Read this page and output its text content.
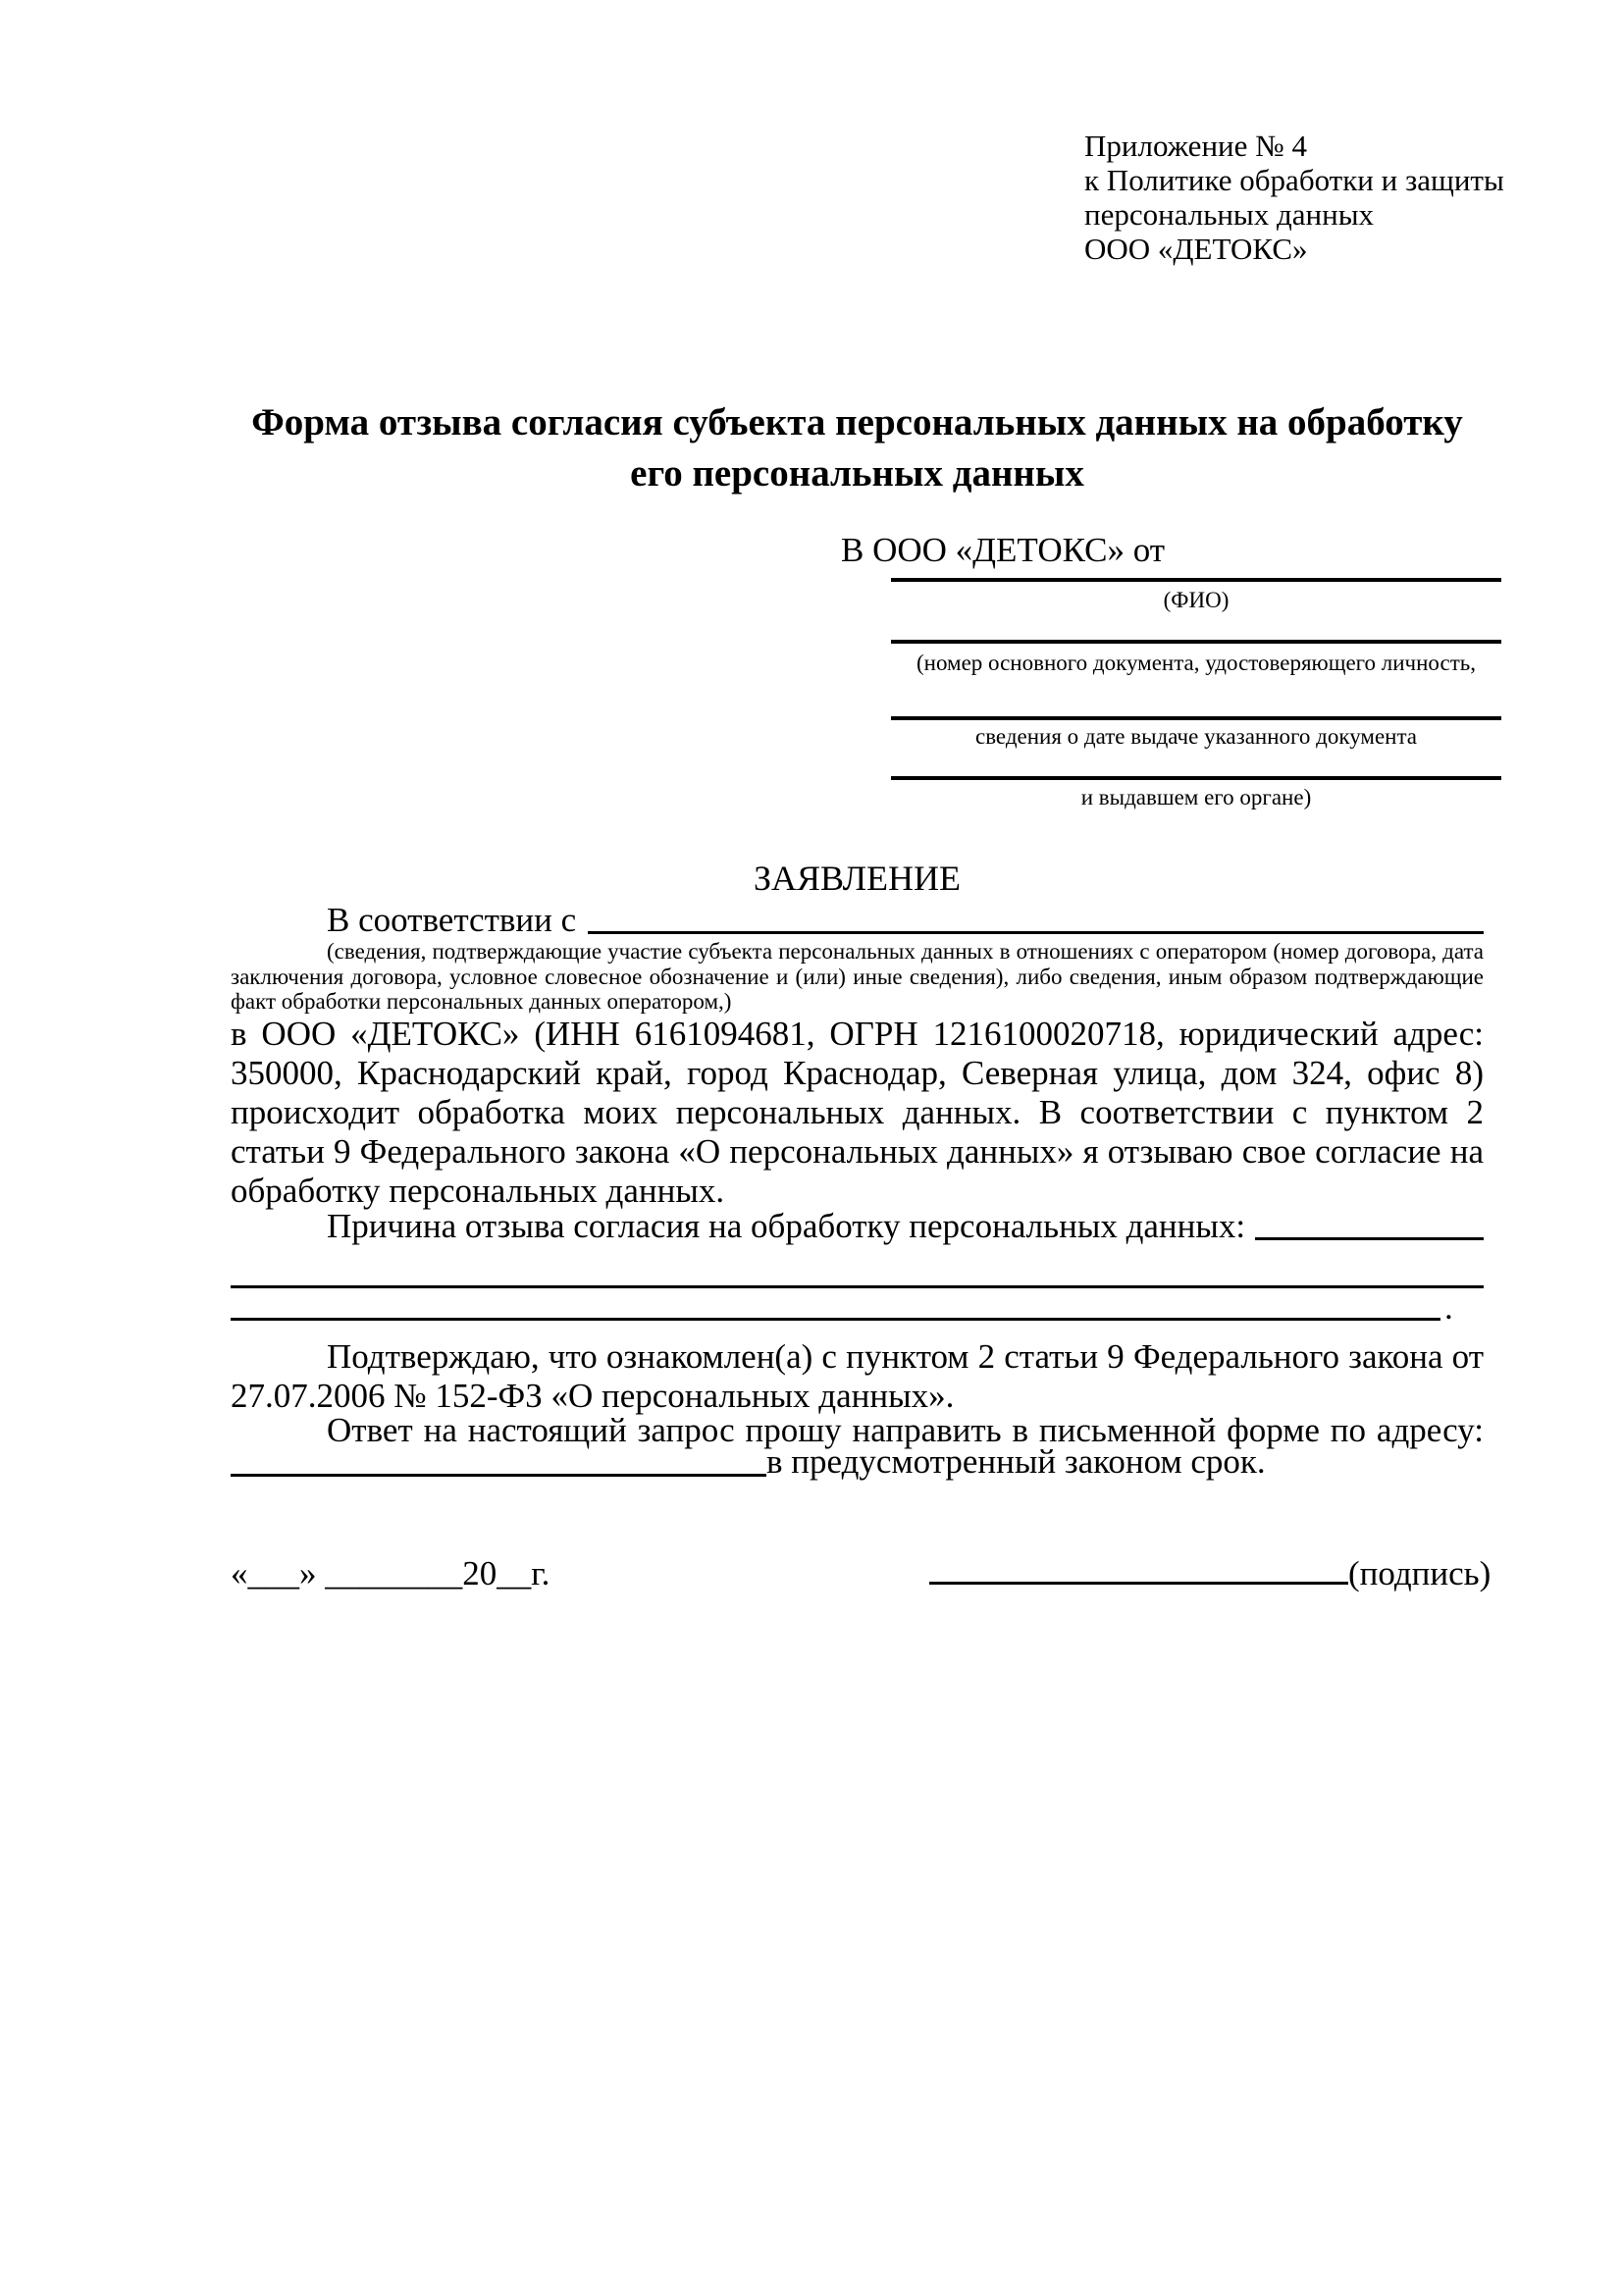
Приложение № 4
к Политике обработки и защиты
персональных данных
ООО «ДЕТОКС»
Форма отзыва согласия субъекта персональных данных на обработку его персональных данных
В ООО «ДЕТОКС» от
(ФИО)
(номер основного документа, удостоверяющего личность,
сведения о дате выдаче указанного документа
и выдавшем его органе)
ЗАЯВЛЕНИЕ
В соответствии с
(сведения, подтверждающие участие субъекта персональных данных в отношениях с оператором (номер договора, дата заключения договора, условное словесное обозначение и (или) иные сведения), либо сведения, иным образом подтверждающие факт обработки персональных данных оператором,)
в ООО «ДЕТОКС» (ИНН 6161094681, ОГРН 1216100020718, юридический адрес: 350000, Краснодарский край, город Краснодар, Северная улица, дом 324, офис 8) происходит обработка моих персональных данных. В соответствии с пунктом 2 статьи 9 Федерального закона «О персональных данных» я отзываю свое согласие на обработку персональных данных.
Причина отзыва согласия на обработку персональных данных:
.
Подтверждаю, что ознакомлен(а) с пунктом 2 статьи 9 Федерального закона от 27.07.2006 № 152-ФЗ «О персональных данных».
Ответ на настоящий запрос прошу направить в письменной форме по адресу:
в предусмотренный законом срок.
«___» ________20__г.	(подпись)
